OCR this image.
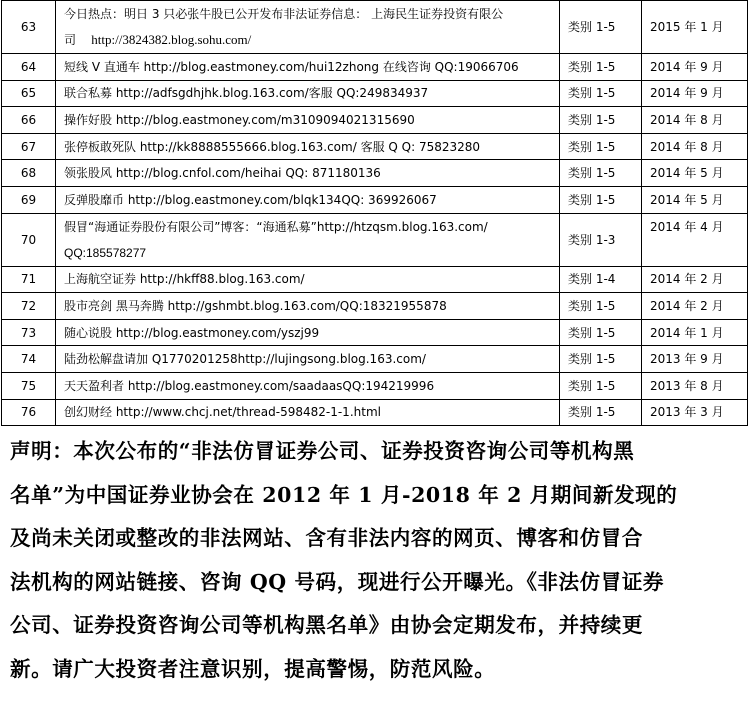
63	今日热点：明日 3 只必张牛股已公开发布非法证券信息： 上海民生证券投资有限公
司 http://3824382.blog.sohu.com/	类别 1-5	2015 年 1 月
64	短线 V 直通车 http://blog.eastmoney.com/hui12zhong 在线咨询 QQ:19066706	类别 1-5	2014 年 9 月
65	联合私募 http://adfsgdhjhk.blog.163.com/客服 QQ:249834937	类别 1-5	2014 年 9 月
66	操作好股 http://blog.eastmoney.com/m3109094021315690	类别 1-5	2014 年 8 月
67	张停板敢死队 http://kk8888555666.blog.163.com/ 客服 Q Q: 75823280	类别 1-5	2014 年 8 月
68	领张股风 http://blog.cnfol.com/heihai QQ: 871180136	类别 1-5	2014 年 5 月
69	反弹股靡币 http://blog.eastmoney.com/blqk134QQ: 369926067	类别 1-5	2014 年 5 月
70	假冒“海通证券股份有限公司”博客：“海通私募”http://htzqsm.blog.163.com/
QQ:185578277	类别 1-3	2014 年 4 月
71	上海航空证券 http://hkff88.blog.163.com/	类别 1-4	2014 年 2 月
72	股市亮剑 黑马奔腾 http://gshmbt.blog.163.com/QQ:18321955878	类别 1-5	2014 年 2 月
73	随心说股 http://blog.eastmoney.com/yszj99	类别 1-5	2014 年 1 月
74	陆劲松解盘请加 Q1770201258http://lujingsong.blog.163.com/	类别 1-5	2013 年 9 月
75	天天盈利者 http://blog.eastmoney.com/saadaasQQ:194219996	类别 1-5	2013 年 8 月
76	创幻财经 http://www.chcj.net/thread-598482-1-1.html	类别 1-5	2013 年 3 月
声明：本次公布的“非法仿冒证券公司、证券投资咨询公司等机构黑
名单”为中国证券业协会在 2012 年 1 月-2018 年 2 月期间新发现的
及尚未关闭或整改的非法网站、含有非法内容的网页、博客和仿冒合
法机构的网站链接、咨询 QQ 号码，现进行公开曝光。《非法仿冒证券
公司、证券投资咨询公司等机构黑名单》由协会定期发布，并持续更
新。请广大投资者注意识别，提高警惕，防范风险。
